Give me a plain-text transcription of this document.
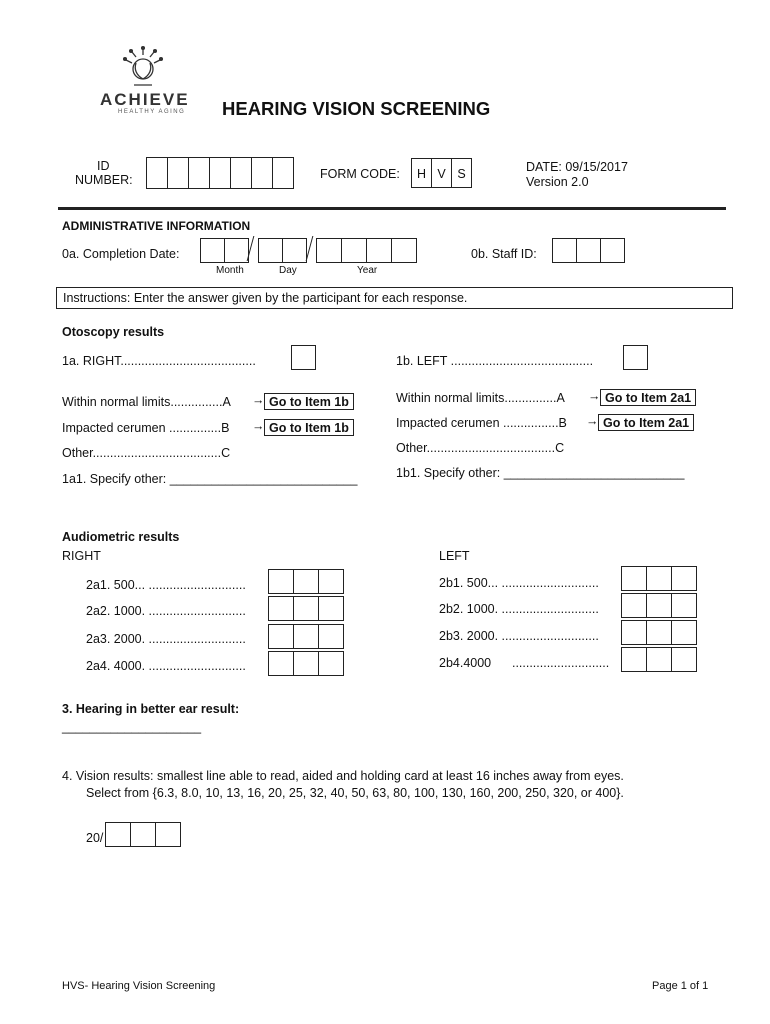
ACHIEVE
HEALTHY AGING HEARING VISION SCREENING
ID
NUMBER:	FORM CODE:	H V S	DATE: 09/15/2017
Version 2.0
ADMINISTRATIVE INFORMATION
0a. Completion Date:
Month	Day	Year
0b. Staff ID:
Instructions: Enter the answer given by the participant for each response.
Otoscopy results
1a. RIGHT.......................................	1b. LEFT .........................................
Within normal limits...............A → Go to Item 1b
Impacted cerumen ...............B → Go to Item 1b
Other.....................................C
1a1. Specify other: ___________________________
Within normal limits...............A → Go to Item 2a1
Impacted cerumen ................B → Go to Item 2a1
Other.....................................C
1b1. Specify other: __________________________
Audiometric results
RIGHT	LEFT
2a1. 500... ............................
2a2. 1000. ............................
2a3. 2000. ............................
2a4. 4000. ............................
2b1. 500... ............................
2b2. 1000. ............................
2b3. 2000. ............................
2b4.4000      ............................
3. Hearing in better ear result:
____________________
4. Vision results: smallest line able to read, aided and holding card at least 16 inches away from eyes.
Select from {6.3, 8.0, 10, 13, 16, 20, 25, 32, 40, 50, 63, 80, 100, 130, 160, 200, 250, 320, or 400}.
20/
HVS- Hearing Vision Screening	Page 1 of 1
